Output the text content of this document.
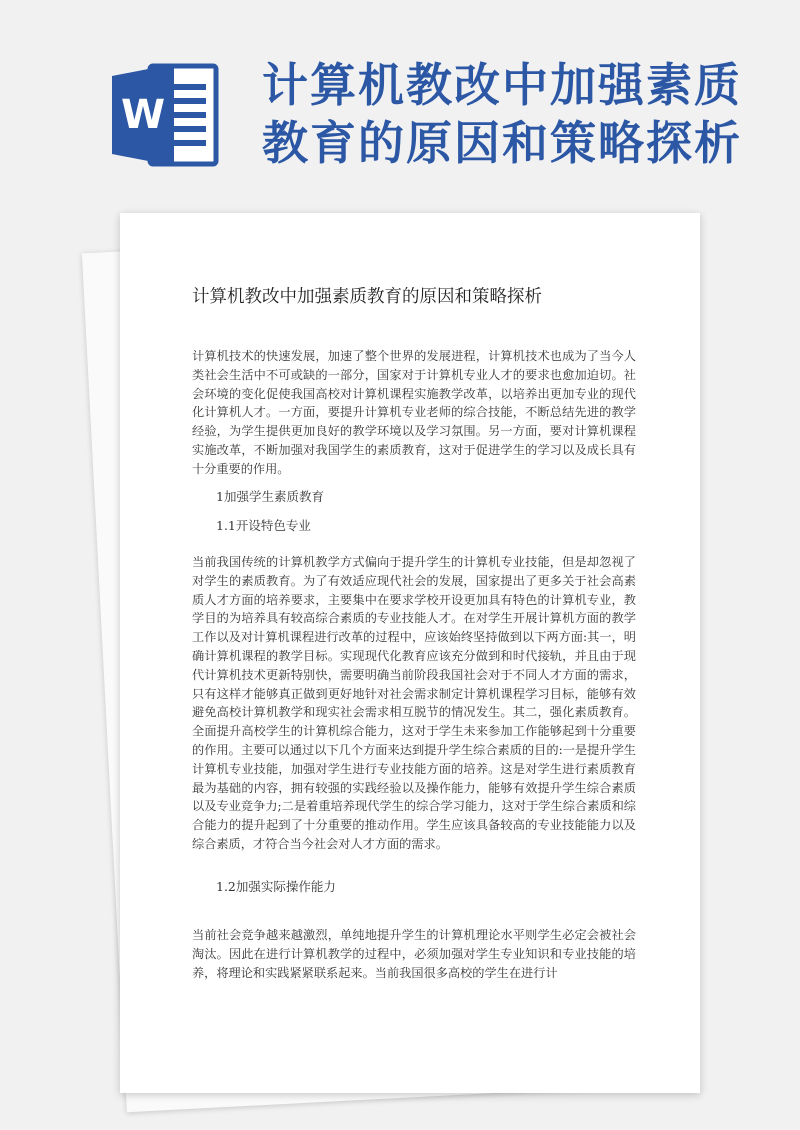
W
计算机教改中加强素质
教育的原因和策略探析
计算机教改中加强素质教育的原因和策略探析

计算机技术的快速发展，加速了整个世界的发展进程，计算机技术也成为了当今人类社会生活中不可或缺的一部分，国家对于计算机专业人才的要求也愈加迫切。社会环境的变化促使我国高校对计算机课程实施教学改革，以培养出更加专业的现代化计算机人才。一方面，要提升计算机专业老师的综合技能，不断总结先进的教学经验，为学生提供更加良好的教学环境以及学习氛围。另一方面，要对计算机课程实施改革，不断加强对我国学生的素质教育，这对于促进学生的学习以及成长具有十分重要的作用。

1加强学生素质教育
1.1开设特色专业

当前我国传统的计算机教学方式偏向于提升学生的计算机专业技能，但是却忽视了对学生的素质教育。为了有效适应现代社会的发展，国家提出了更多关于社会高素质人才方面的培养要求，主要集中在要求学校开设更加具有特色的计算机专业，教学目的为培养具有较高综合素质的专业技能人才。在对学生开展计算机方面的教学工作以及对计算机课程进行改革的过程中，应该始终坚持做到以下两方面:其一，明确计算机课程的教学目标。实现现代化教育应该充分做到和时代接轨，并且由于现代计算机技术更新特别快，需要明确当前阶段我国社会对于不同人才方面的需求，只有这样才能够真正做到更好地针对社会需求制定计算机课程学习目标，能够有效避免高校计算机教学和现实社会需求相互脱节的情况发生。其二，强化素质教育。全面提升高校学生的计算机综合能力，这对于学生未来参加工作能够起到十分重要的作用。主要可以通过以下几个方面来达到提升学生综合素质的目的:一是提升学生计算机专业技能，加强对学生进行专业技能方面的培养。这是对学生进行素质教育最为基础的内容，拥有较强的实践经验以及操作能力，能够有效提升学生综合素质以及专业竞争力;二是着重培养现代学生的综合学习能力，这对于学生综合素质和综合能力的提升起到了十分重要的推动作用。学生应该具备较高的专业技能能力以及综合素质，才符合当今社会对人才方面的需求。

1.2加强实际操作能力

当前社会竞争越来越激烈，单纯地提升学生的计算机理论水平则学生必定会被社会淘汰。因此在进行计算机教学的过程中，必须加强对学生专业知识和专业技能的培养，将理论和实践紧紧联系起来。当前我国很多高校的学生在进行计
